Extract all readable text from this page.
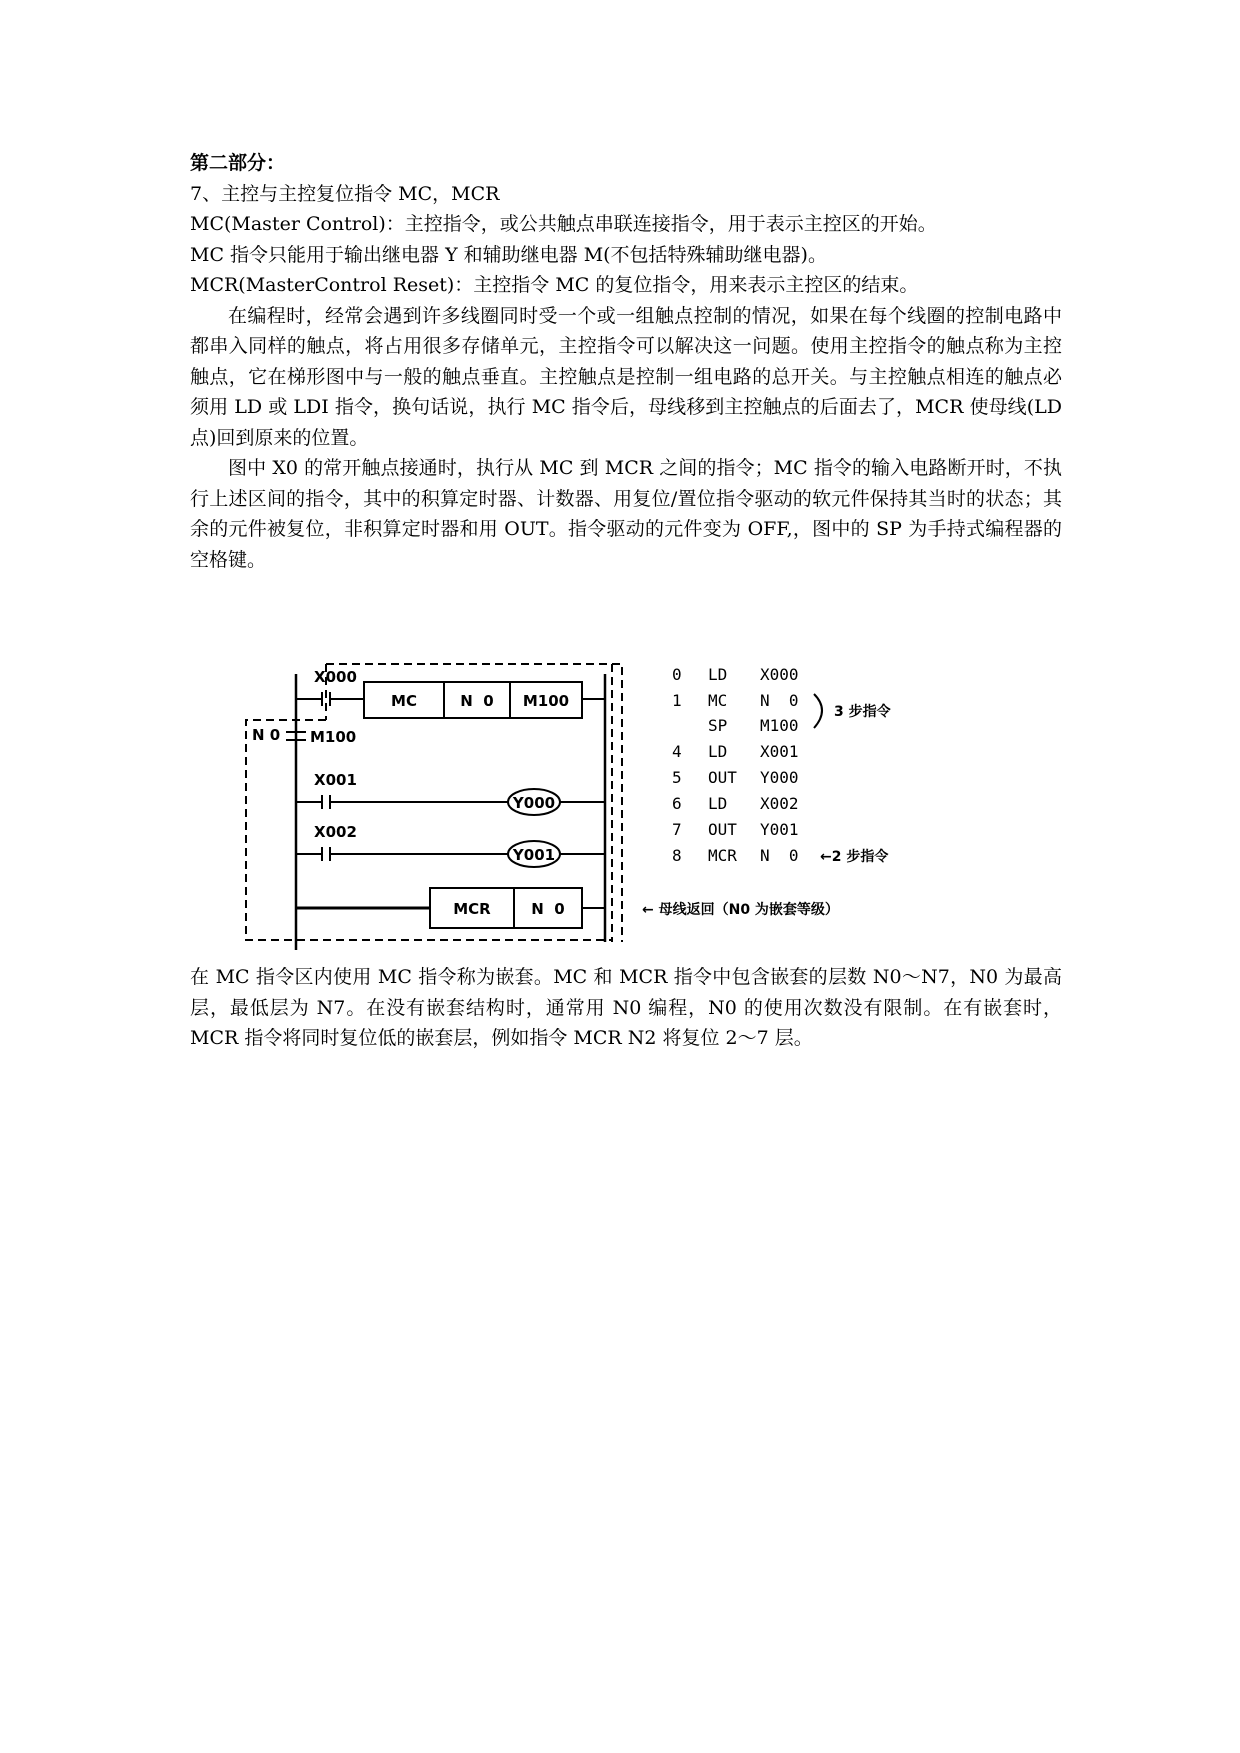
第二部分：

7、主控与主控复位指令 MC，MCR

MC(Master Control)：主控指令，或公共触点串联连接指令，用于表示主控区的开始。

MC 指令只能用于输出继电器 Y 和辅助继电器 M(不包括特殊辅助继电器)。

MCR(MasterControl Reset)：主控指令 MC 的复位指令，用来表示主控区的结束。

在编程时，经常会遇到许多线圈同时受一个或一组触点控制的情况，如果在每个线圈的控制电路中都串入同样的触点，将占用很多存储单元，主控指令可以解决这一问题。使用主控指令的触点称为主控触点，它在梯形图中与一般的触点垂直。主控触点是控制一组电路的总开关。与主控触点相连的触点必须用 LD 或 LDI 指令，换句话说，执行 MC 指令后，母线移到主控触点的后面去了，MCR 使母线(LD 点)回到原来的位置。

图中 X0 的常开触点接通时，执行从 MC 到 MCR 之间的指令；MC 指令的输入电路断开时，不执行上述区间的指令，其中的积算定时器、计数器、用复位/置位指令驱动的软元件保持其当时的状态；其余的元件被复位，非积算定时器和用 OUT。指令驱动的元件变为 OFF,，图中的 SP 为手持式编程器的空格键。

X000
MC	N  0 M100
N 0 M100
X001
Y000
X002
Y001
MCR	N  0	← 母线返回（N0 为嵌套等级）
0 LD X000
1 MC N  0
SP M100
4 LD X001
5 OUT Y000
6 LD X002
7 OUT Y001
8 MCR N  0
3 步指令
←2 步指令

在 MC 指令区内使用 MC 指令称为嵌套。MC 和 MCR 指令中包含嵌套的层数 N0～N7，N0 为最高层，最低层为 N7。在没有嵌套结构时，通常用 N0 编程，N0 的使用次数没有限制。在有嵌套时，MCR 指令将同时复位低的嵌套层，例如指令 MCR N2 将复位 2～7 层。
